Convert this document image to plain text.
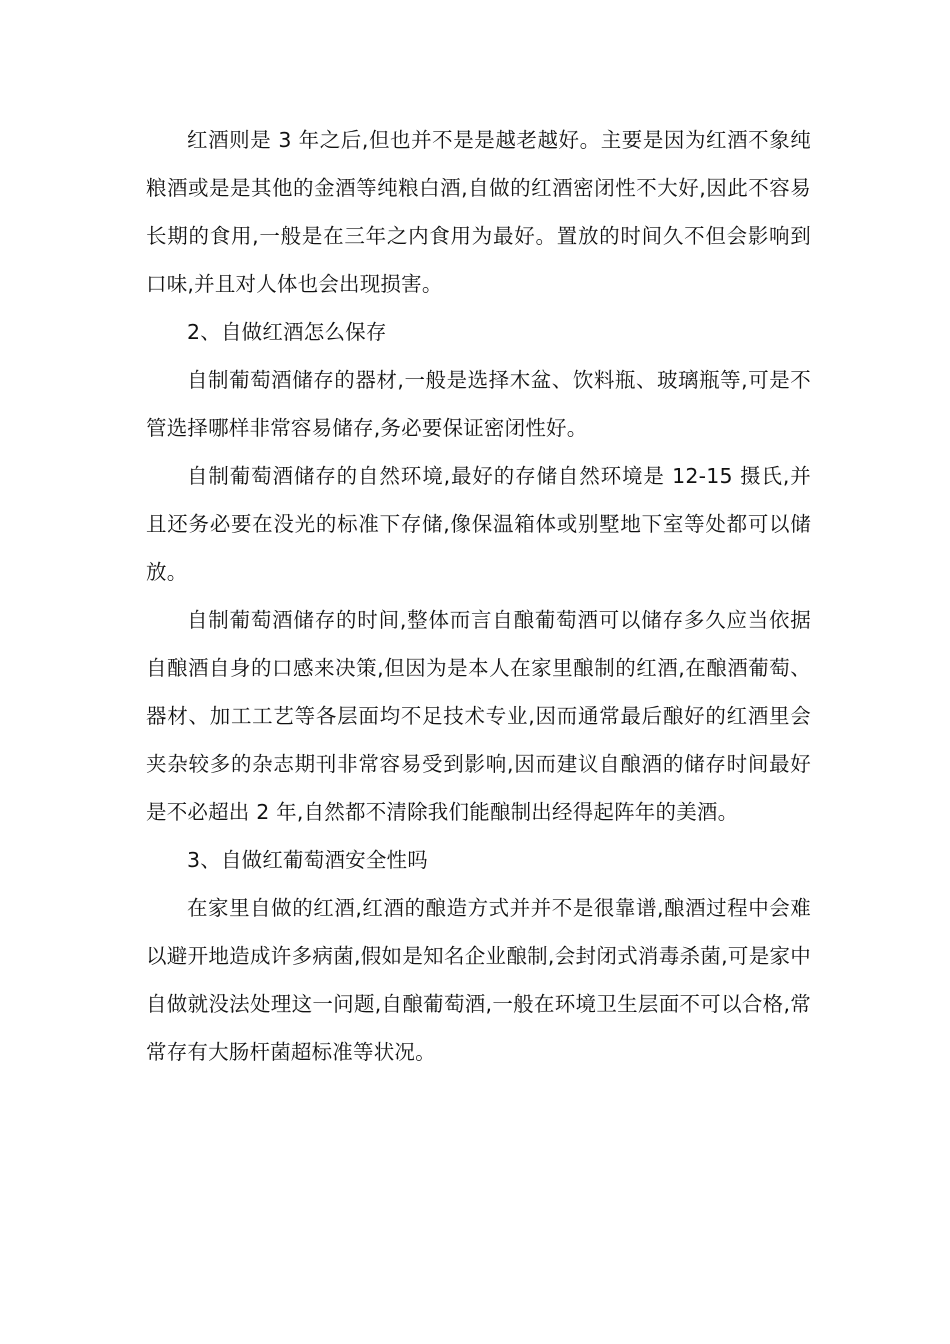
红酒则是 3 年之后,但也并不是是越老越好。主要是因为红酒不象纯粮酒或是是其他的金酒等纯粮白酒,自做的红酒密闭性不大好,因此不容易长期的食用,一般是在三年之内食用为最好。置放的时间久不但会影响到口味,并且对人体也会出现损害。

2、自做红酒怎么保存

自制葡萄酒储存的器材,一般是选择木盆、饮料瓶、玻璃瓶等,可是不管选择哪样非常容易储存,务必要保证密闭性好。

自制葡萄酒储存的自然环境,最好的存储自然环境是 12-15 摄氏,并且还务必要在没光的标准下存储,像保温箱体或别墅地下室等处都可以储放。

自制葡萄酒储存的时间,整体而言自酿葡萄酒可以储存多久应当依据自酿酒自身的口感来决策,但因为是本人在家里酿制的红酒,在酿酒葡萄、器材、加工工艺等各层面均不足技术专业,因而通常最后酿好的红酒里会夹杂较多的杂志期刊非常容易受到影响,因而建议自酿酒的储存时间最好是不必超出 2 年,自然都不清除我们能酿制出经得起阵年的美酒。

3、自做红葡萄酒安全性吗

在家里自做的红酒,红酒的酿造方式并并不是很靠谱,酿酒过程中会难以避开地造成许多病菌,假如是知名企业酿制,会封闭式消毒杀菌,可是家中自做就没法处理这一问题,自酿葡萄酒,一般在环境卫生层面不可以合格,常常存有大肠杆菌超标准等状况。
